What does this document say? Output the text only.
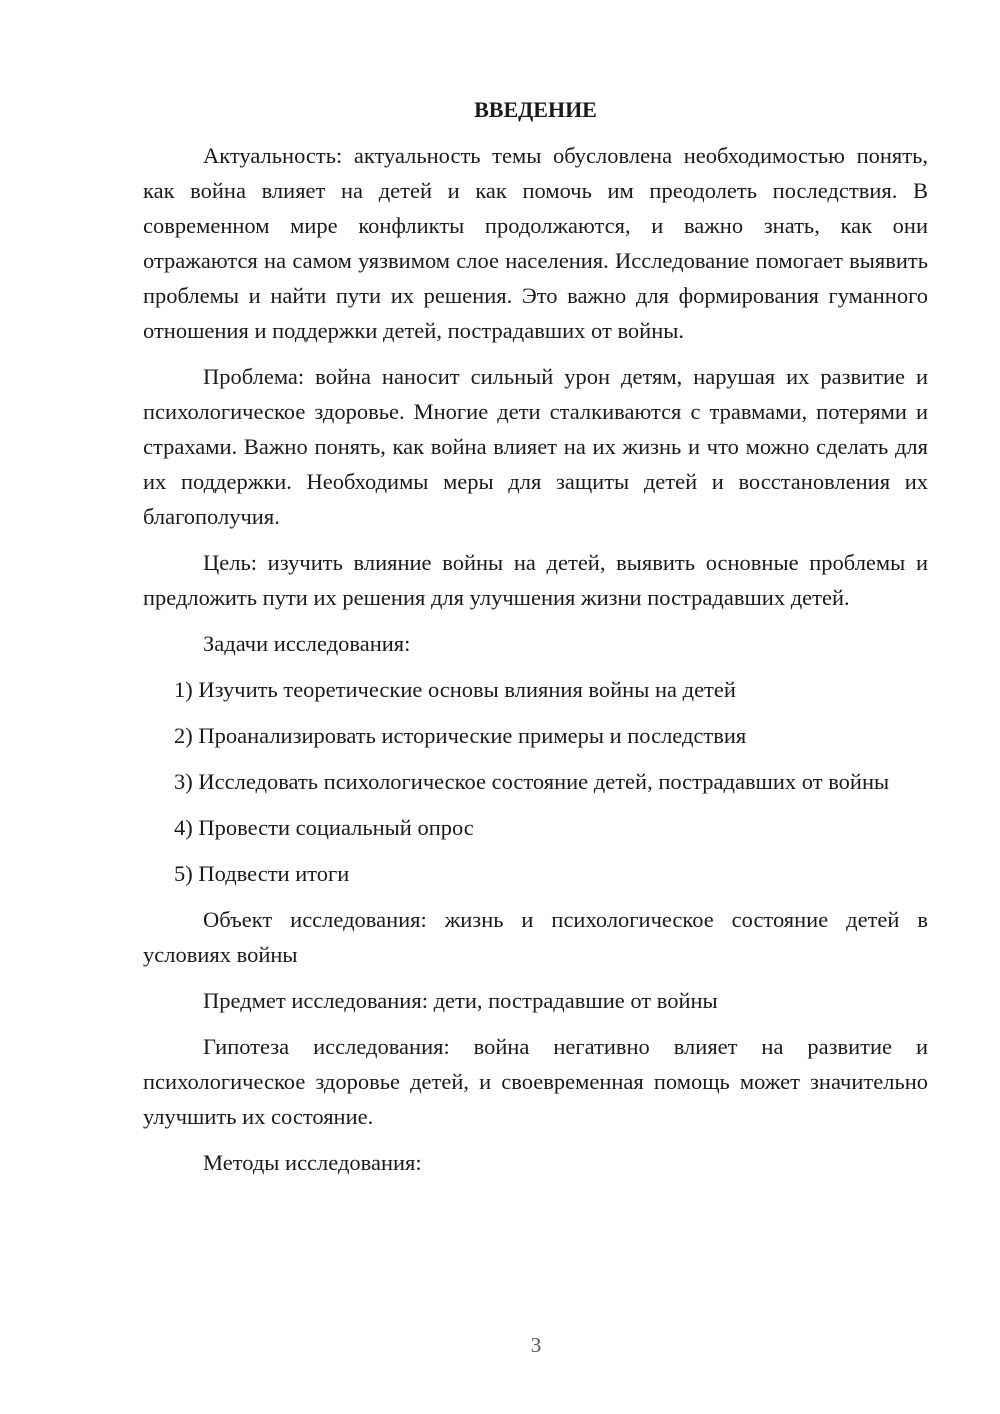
ВВЕДЕНИЕ

Актуальность: актуальность темы обусловлена необходимостью понять, как война влияет на детей и как помочь им преодолеть последствия. В современном мире конфликты продолжаются, и важно знать, как они отражаются на самом уязвимом слое населения. Исследование помогает выявить проблемы и найти пути их решения. Это важно для формирования гуманного отношения и поддержки детей, пострадавших от войны.

Проблема: война наносит сильный урон детям, нарушая их развитие и психологическое здоровье. Многие дети сталкиваются с травмами, потерями и страхами. Важно понять, как война влияет на их жизнь и что можно сделать для их поддержки. Необходимы меры для защиты детей и восстановления их благополучия.

Цель: изучить влияние войны на детей, выявить основные проблемы и предложить пути их решения для улучшения жизни пострадавших детей.

Задачи исследования:

1) Изучить теоретические основы влияния войны на детей

2) Проанализировать исторические примеры и последствия

3) Исследовать психологическое состояние детей, пострадавших от войны

4) Провести социальный опрос

5) Подвести итоги

Объект исследования: жизнь и психологическое состояние детей в условиях войны

Предмет исследования: дети, пострадавшие от войны

Гипотеза исследования: война негативно влияет на развитие и психологическое здоровье детей, и своевременная помощь может значительно улучшить их состояние.

Методы исследования:

3
